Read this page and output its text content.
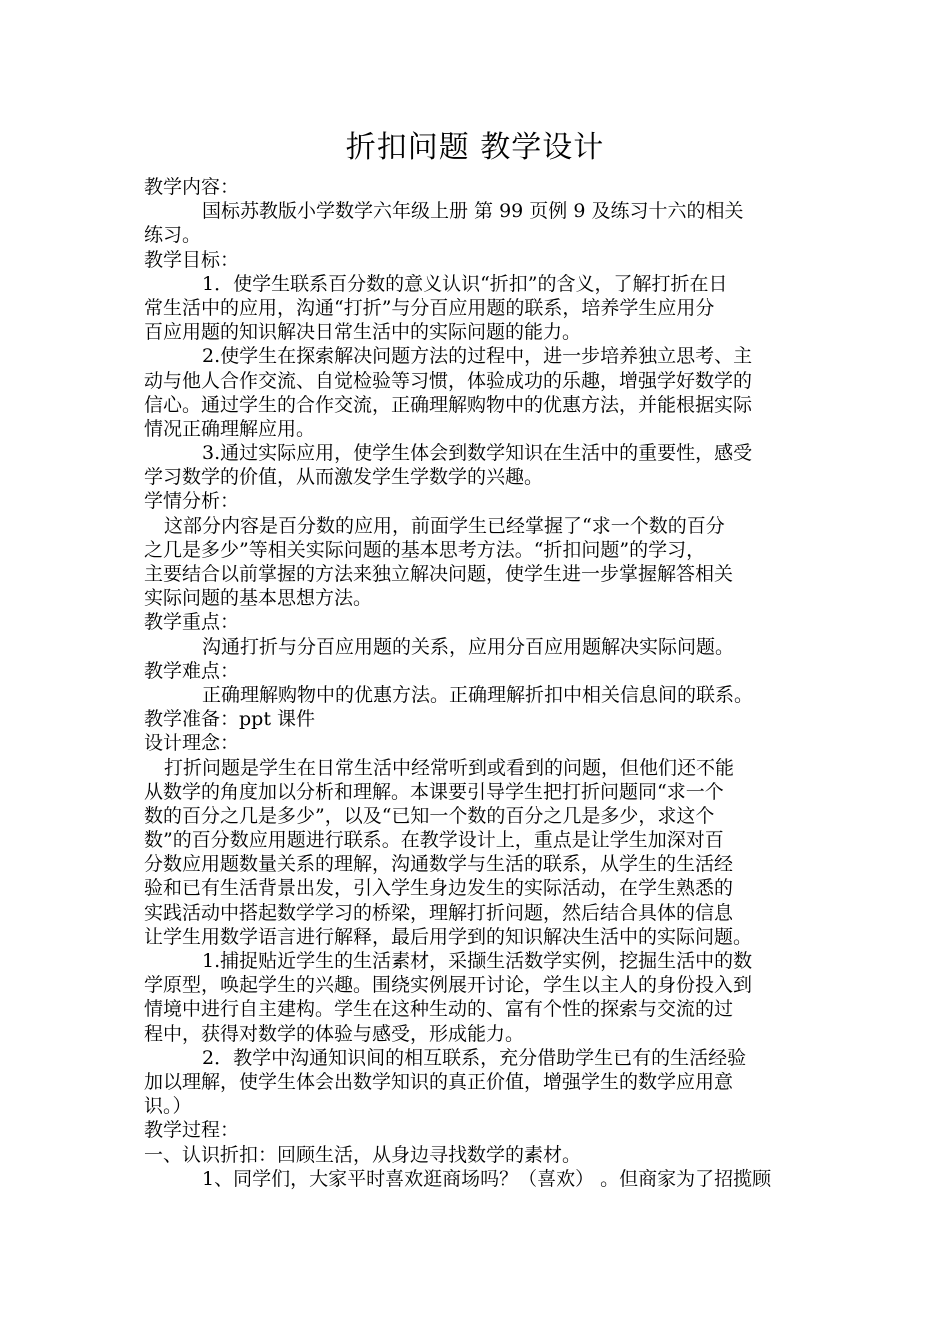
折扣问题 教学设计
教学内容：
国标苏教版小学数学六年级上册 第 99 页例 9 及练习十六的相关
练习。
教学目标：
1．使学生联系百分数的意义认识“折扣”的含义，了解打折在日
常生活中的应用，沟通“打折”与分百应用题的联系，培养学生应用分
百应用题的知识解决日常生活中的实际问题的能力。
2.使学生在探索解决问题方法的过程中，进一步培养独立思考、主
动与他人合作交流、自觉检验等习惯，体验成功的乐趣，增强学好数学的
信心。通过学生的合作交流，正确理解购物中的优惠方法，并能根据实际
情况正确理解应用。
3.通过实际应用，使学生体会到数学知识在生活中的重要性，感受
学习数学的价值，从而激发学生学数学的兴趣。
学情分析：
这部分内容是百分数的应用，前面学生已经掌握了“求一个数的百分
之几是多少”等相关实际问题的基本思考方法。“折扣问题”的学习，
主要结合以前掌握的方法来独立解决问题，使学生进一步掌握解答相关
实际问题的基本思想方法。
教学重点：
沟通打折与分百应用题的关系，应用分百应用题解决实际问题。
教学难点：
正确理解购物中的优惠方法。正确理解折扣中相关信息间的联系。
教学准备：ppt 课件
设计理念：
打折问题是学生在日常生活中经常听到或看到的问题，但他们还不能
从数学的角度加以分析和理解。本课要引导学生把打折问题同“求一个
数的百分之几是多少”，以及“已知一个数的百分之几是多少，求这个
数”的百分数应用题进行联系。在教学设计上，重点是让学生加深对百
分数应用题数量关系的理解，沟通数学与生活的联系，从学生的生活经
验和已有生活背景出发，引入学生身边发生的实际活动，在学生熟悉的
实践活动中搭起数学学习的桥梁，理解打折问题，然后结合具体的信息
让学生用数学语言进行解释，最后用学到的知识解决生活中的实际问题。
1.捕捉贴近学生的生活素材，采撷生活数学实例，挖掘生活中的数
学原型，唤起学生的兴趣。围绕实例展开讨论，学生以主人的身份投入到
情境中进行自主建构。学生在这种生动的、富有个性的探索与交流的过
程中，获得对数学的体验与感受，形成能力。
2．教学中沟通知识间的相互联系，充分借助学生已有的生活经验
加以理解，使学生体会出数学知识的真正价值，增强学生的数学应用意
识。）
教学过程：
一、认识折扣：回顾生活，从身边寻找数学的素材。
1、同学们，大家平时喜欢逛商场吗？（喜欢） 。但商家为了招揽顾
